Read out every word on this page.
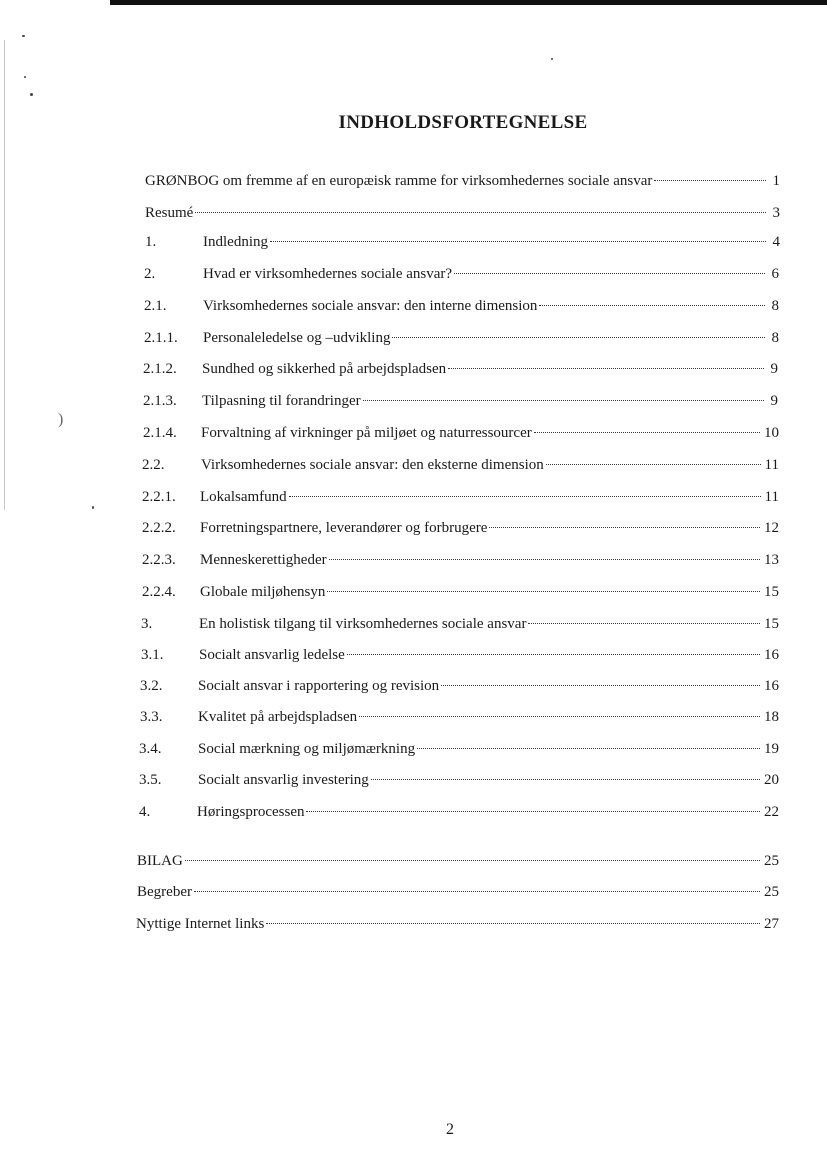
)
INDHOLDSFORTEGNELSE
GRØNBOG om fremme af en europæisk ramme for virksomhedernes sociale ansvar	1
Resumé	3
1.	Indledning	4
2.	Hvad er virksomhedernes sociale ansvar?	6
2.1.	Virksomhedernes sociale ansvar: den interne dimension	8
2.1.1.	Personaleledelse og –udvikling	8
2.1.2.	Sundhed og sikkerhed på arbejdspladsen	9
2.1.3.	Tilpasning til forandringer	9
2.1.4.	Forvaltning af virkninger på miljøet og naturressourcer	10
2.2.	Virksomhedernes sociale ansvar: den eksterne dimension	11
2.2.1.	Lokalsamfund	11
2.2.2.	Forretningspartnere, leverandører og forbrugere	12
2.2.3.	Menneskerettigheder	13
2.2.4.	Globale miljøhensyn	15
3.	En holistisk tilgang til virksomhedernes sociale ansvar	15
3.1.	Socialt ansvarlig ledelse	16
3.2.	Socialt ansvar i rapportering og revision	16
3.3.	Kvalitet på arbejdspladsen	18
3.4.	Social mærkning og miljømærkning	19
3.5.	Socialt ansvarlig investering	20
4.	Høringsprocessen	22
BILAG	25
Begreber	25
Nyttige Internet links	27
2
